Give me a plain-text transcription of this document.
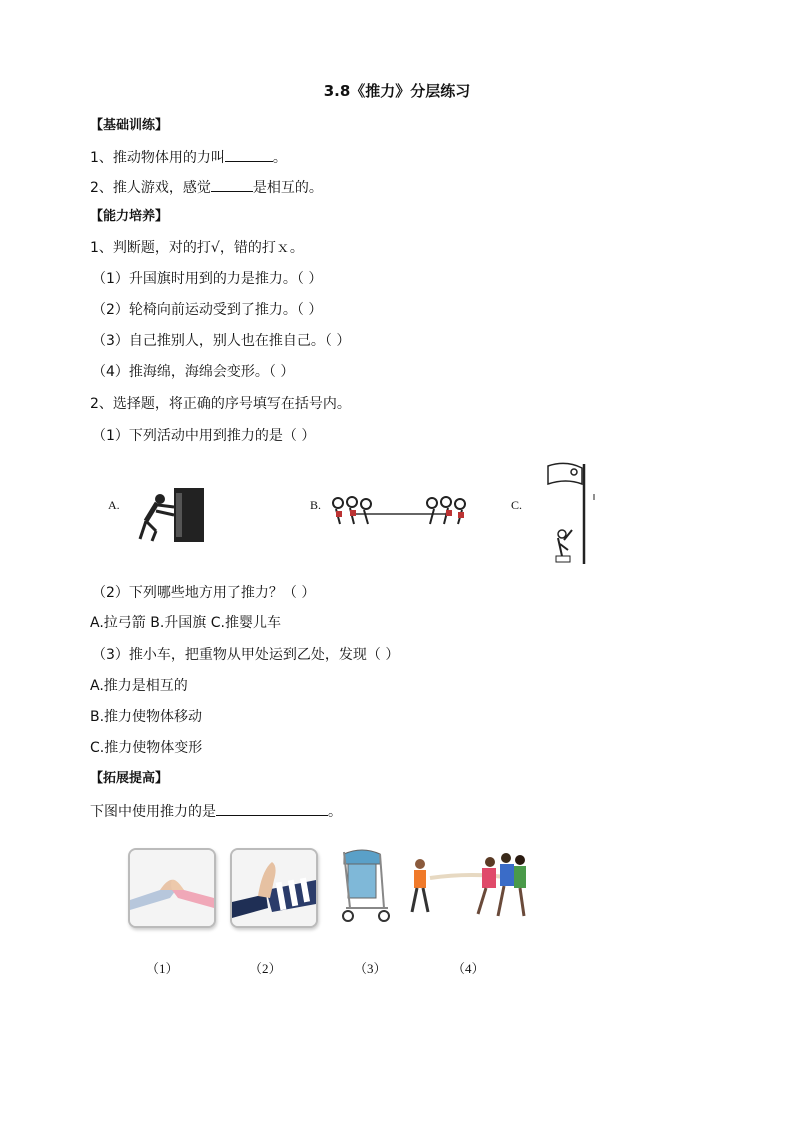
3.8《推力》分层练习
【基础训练】
1、推动物体用的力叫	。
2、推人游戏，感觉	是相互的。
【能力培养】
1、判断题，对的打√，错的打ｘ。
（1）升国旗时用到的力是推力。（ ）
（2）轮椅向前运动受到了推力。（ ）
（3）自己推别人，别人也在推自己。（ ）
（4）推海绵，海绵会变形。（ ）
2、选择题，将正确的序号填写在括号内。
（1）下列活动中用到推力的是（ ）
A.	B.	C.
（2）下列哪些地方用了推力？（ ）
A.拉弓箭 B.升国旗 C.推婴儿车
（3）推小车，把重物从甲处运到乙处，发现（ ）
A.推力是相互的
B.推力使物体移动
C.推力使物体变形
【拓展提高】
下图中使用推力的是	。
（1）	（2）	（3）	（4）
